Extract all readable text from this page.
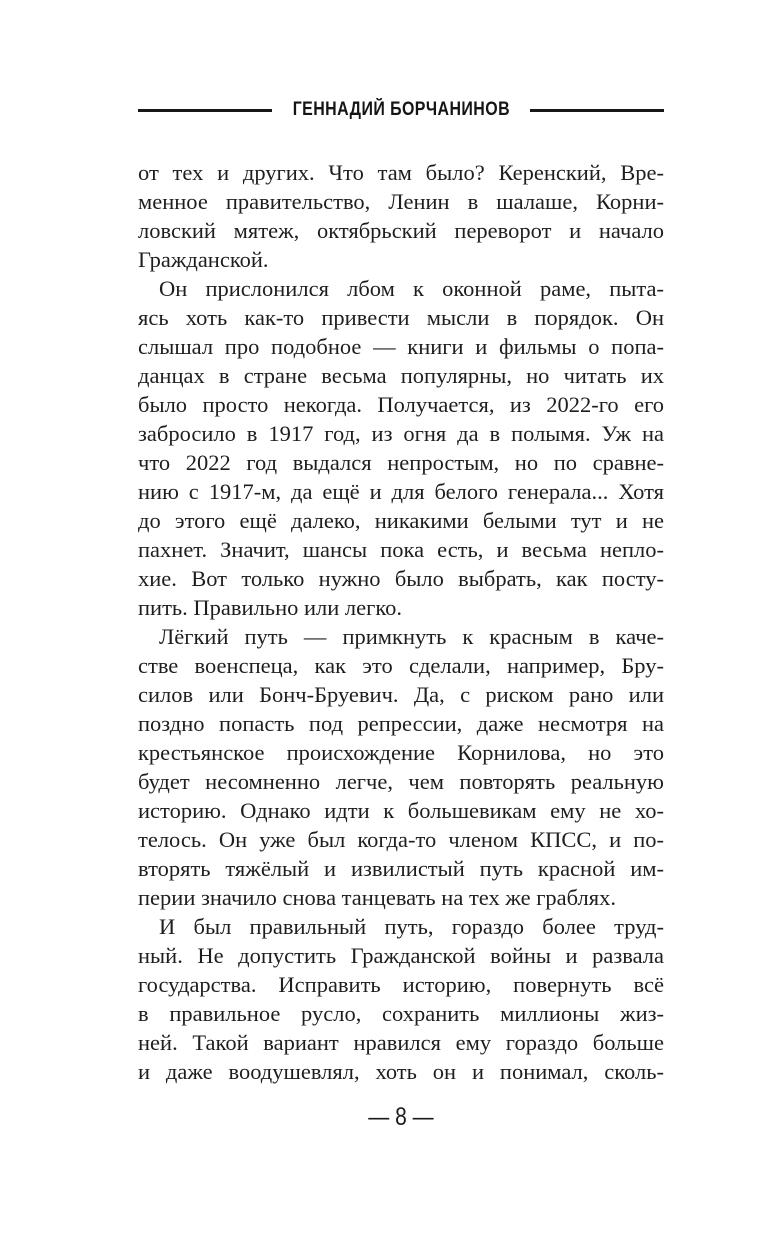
ГЕННАДИЙ БОРЧАНИНОВ
от тех и других. Что там было? Керенский, Вре-
менное правительство, Ленин в шалаше, Корни-
ловский мятеж, октябрьский переворот и начало
Гражданской.
Он прислонился лбом к оконной раме, пыта-
ясь хоть как-то привести мысли в порядок. Он
слышал про подобное — книги и фильмы о попа-
данцах в стране весьма популярны, но читать их
было просто некогда. Получается, из 2022-го его
забросило в 1917 год, из огня да в полымя. Уж на
что 2022 год выдался непростым, но по сравне-
нию с 1917-м, да ещё и для белого генерала... Хотя
до этого ещё далеко, никакими белыми тут и не
пахнет. Значит, шансы пока есть, и весьма непло-
хие. Вот только нужно было выбрать, как посту-
пить. Правильно или легко.
Лёгкий путь — примкнуть к красным в каче-
стве военспеца, как это сделали, например, Бру-
силов или Бонч-Бруевич. Да, с риском рано или
поздно попасть под репрессии, даже несмотря на
крестьянское происхождение Корнилова, но это
будет несомненно легче, чем повторять реальную
историю. Однако идти к большевикам ему не хо-
телось. Он уже был когда-то членом КПСС, и по-
вторять тяжёлый и извилистый путь красной им-
перии значило снова танцевать на тех же граблях.
И был правильный путь, гораздо более труд-
ный. Не допустить Гражданской войны и развала
государства. Исправить историю, повернуть всё
в правильное русло, сохранить миллионы жиз-
ней. Такой вариант нравился ему гораздо больше
и даже воодушевлял, хоть он и понимал, сколь-
— 8 —
